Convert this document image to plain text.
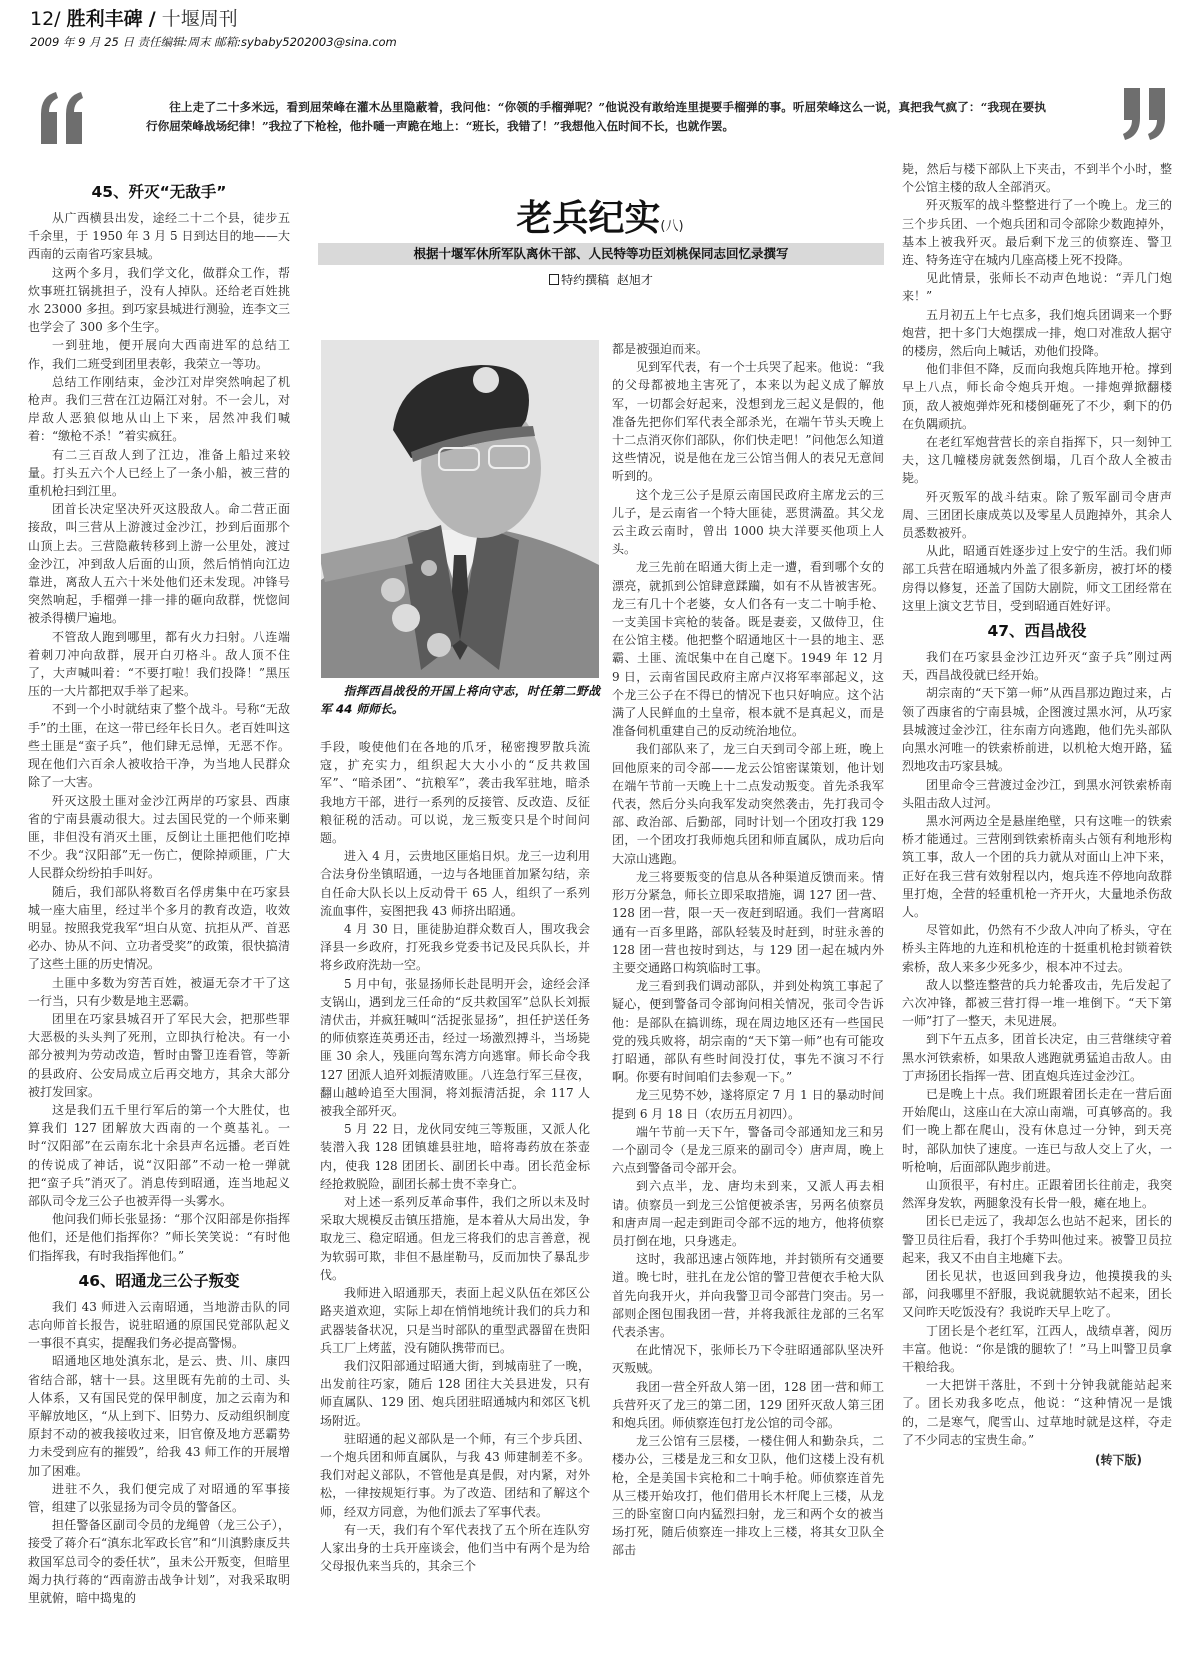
12/ 胜利丰碑 / 十堰周刊
2009 年 9 月 25 日 责任编辑:周末 邮箱:sybaby5202003@sina.com
往上走了二十多米远，看到屈荣峰在灌木丛里隐蔽着，我问他：“你领的手榴弹呢？”他说没有敢给连里提要手榴弹的事。听屈荣峰这么一说，真把我气疯了：“我现在要执行你屈荣峰战场纪律！”我拉了下枪栓，他扑嗵一声跪在地上：“班长，我错了！”我想他入伍时间不长，也就作罢。
老兵纪实(八)
根据十堰军休所军队离休干部、人民特等功臣刘桃保同志回忆录撰写
特约撰稿 赵旭才
指挥西昌战役的开国上将向守志，时任第二野战军 44 师师长。
45、歼灭“无敌手”

从广西横县出发，途经二十二个县，徒步五千余里，于 1950 年 3 月 5 日到达目的地——大西南的云南省巧家县城。

这两个多月，我们学文化，做群众工作，帮炊事班扛锅挑担子，没有人掉队。还给老百姓挑水 23000 多担。到巧家县城进行测验，连李文三也学会了 300 多个生字。

一到驻地，便开展向大西南进军的总结工作，我们二班受到团里表彰，我荣立一等功。

总结工作刚结束，金沙江对岸突然响起了机枪声。我们三营在江边隔江对射。不一会儿，对岸敌人恶狼似地从山上下来，居然冲我们喊着：“缴枪不杀！”着实疯狂。

有二三百敌人到了江边，准备上船过来较量。打头五六个人已经上了一条小船，被三营的重机枪扫到江里。

团首长决定坚决歼灭这股敌人。命二营正面接敌，叫三营从上游渡过金沙江，抄到后面那个山顶上去。三营隐蔽转移到上游一公里处，渡过金沙江，冲到敌人后面的山顶，然后悄悄向江边靠进，离敌人五六十米处他们还未发现。冲锋号突然响起，手榴弹一排一排的砸向敌群，恍惚间被杀得横尸遍地。

不管敌人跑到哪里，都有火力扫射。八连端着刺刀冲向敌群，展开白刃格斗。敌人顶不住了，大声喊叫着：“不要打啦！我们投降！”黑压压的一大片都把双手举了起来。

不到一个小时就结束了整个战斗。号称“无敌手”的土匪，在这一带已经年长日久。老百姓叫这些土匪是“蛮子兵”，他们肆无忌惮，无恶不作。现在他们六百余人被收拾干净，为当地人民群众除了一大害。

歼灭这股土匪对金沙江两岸的巧家县、西康省的宁南县震动很大。过去国民党的一个师来剿匪，非但没有消灭土匪，反倒让土匪把他们吃掉不少。我“汉阳部”无一伤亡，便除掉顽匪，广大人民群众纷纷拍手叫好。

随后，我们部队将数百名俘虏集中在巧家县城一座大庙里，经过半个多月的教育改造，收效明显。按照我党我军“坦白从宽、抗拒从严、首恶必办、协从不问、立功者受奖”的政策，很快搞清了这些土匪的历史情况。

土匪中多数为穷苦百姓，被逼无奈才干了这一行当，只有少数是地主恶霸。

团里在巧家县城召开了军民大会，把那些罪大恶极的头头判了死刑，立即执行枪决。有一小部分被判为劳动改造，暂时由警卫连看管，等新的县政府、公安局成立后再交地方，其余大部分被打发回家。

这是我们五千里行军后的第一个大胜仗，也算我们 127 团解放大西南的一个奠基礼。一时“汉阳部”在云南东北十余县声名远播。老百姓的传说成了神话，说“汉阳部”不动一枪一弹就把“蛮子兵”消灭了。消息传到昭通，连当地起义部队司令龙三公子也被弄得一头雾水。

他问我们师长张显扬：“那个汉阳部是你指挥他们，还是他们指挥你？”师长笑笑说：“有时他们指挥我，有时我指挥他们。”

46、昭通龙三公子叛变

我们 43 师进入云南昭通，当地游击队的同志向师首长报告，说驻昭通的原国民党部队起义一事很不真实，提醒我们务必提高警惕。

昭通地区地处滇东北，是云、贵、川、康四省结合部，辖十一县。这里既有先前的土司、头人体系，又有国民党的保甲制度，加之云南为和平解放地区，“从上到下、旧势力、反动组织制度原封不动的被我接收过来，旧官僚及地方恶霸势力未受到应有的摧毁”，给我 43 师工作的开展增加了困难。

进驻不久，我们便完成了对昭通的军事接管，组建了以张显扬为司令员的警备区。

担任警备区副司令员的龙绳曾（龙三公子），接受了蒋介石“滇东北军政长官”和“川滇黔康反共救国军总司令的委任状”，虽未公开叛变，但暗里竭力执行蒋的“西南游击战争计划”，对我采取明里就俯，暗中捣鬼的

手段，唆使他们在各地的爪牙，秘密搜罗散兵流寇，扩充实力，组织起大大小小的“反共救国军”、“暗杀团”、“抗粮军”，袭击我军驻地，暗杀我地方干部，进行一系列的反接管、反改造、反征粮征税的活动。可以说，龙三叛变只是个时间问题。

进入 4 月，云贵地区匪焰日炽。龙三一边利用合法身份坐镇昭通，一边与各地匪首加紧勾结，亲自任命大队长以上反动骨干 65 人，组织了一系列流血事件，妄图把我 43 师挤出昭通。

4 月 30 日，匪徒胁迫群众数百人，围攻我会泽县一乡政府，打死我乡党委书记及民兵队长，并将乡政府洗劫一空。

5 月中旬，张显扬师长赴昆明开会，途经会泽支锅山，遇到龙三任命的“反共救国军”总队长刘振清伏击，并疯狂喊叫“活捉张显扬”，担任护送任务的师侦察连英勇还击，经过一场激烈搏斗，当场毙匪 30 余人，残匪向驾东湾方向逃窜。师长命令我 127 团派人追歼刘振清败匪。八连急行军三昼夜，翻山越岭追至大围洞，将刘振清活捉，余 117 人被我全部歼灭。

5 月 22 日，龙伙同安纯三等叛匪，又派人化装潜入我 128 团镇雄县驻地，暗将毒药放在茶壶内，使我 128 团团长、副团长中毒。团长范金标经抢救脱险，副团长郝士贵不幸身亡。

对上述一系列反革命事件，我们之所以未及时采取大规模反击镇压措施，是本着从大局出发，争取龙三、稳定昭通。但龙三将我们的忠言善意，视为软弱可欺，非但不悬崖勒马，反而加快了暴乱步伐。

我师进入昭通那天，表面上起义队伍在郊区公路夹道欢迎，实际上却在悄悄地统计我们的兵力和武器装备状况，只是当时部队的重型武器留在贵阳兵工厂上烤蓝，没有随队携带而已。

我们汉阳部通过昭通大街，到城南驻了一晚，出发前往巧家，随后 128 团往大关县进发，只有师直属队、129 团、炮兵团驻昭通城内和郊区飞机场附近。

驻昭通的起义部队是一个师，有三个步兵团、一个炮兵团和师直属队，与我 43 师建制差不多。我们对起义部队，不管他是真是假，对内紧，对外松，一律按规矩行事。为了改造、团结和了解这个师，经双方同意，为他们派去了军事代表。

有一天，我们有个军代表找了五个所在连队穷人家出身的士兵开座谈会，他们当中有两个是为给父母报仇来当兵的，其余三个

都是被强迫而来。

见到军代表，有一个士兵哭了起来。他说：“我的父母都被地主害死了，本来以为起义成了解放军，一切都会好起来，没想到龙三起义是假的，他准备先把你们军代表全部杀光，在端午节头天晚上十二点消灭你们部队，你们快走吧！”问他怎么知道这些情况，说是他在龙三公馆当佣人的表兄无意间听到的。

这个龙三公子是原云南国民政府主席龙云的三儿子，是云南省一个特大匪徒，恶贯满盈。其父龙云主政云南时，曾出 1000 块大洋要买他项上人头。

龙三先前在昭通大街上走一遭，看到哪个女的漂亮，就抓到公馆肆意蹂躏，如有不从皆被害死。龙三有几十个老婆，女人们各有一支二十响手枪、一支美国卡宾枪的装备。既是妻妾，又做侍卫，住在公馆主楼。他把整个昭通地区十一县的地主、恶霸、土匪、流氓集中在自己麾下。1949 年 12 月 9 日，云南省国民政府主席卢汉将军率部起义，这个龙三公子在不得已的情况下也只好响应。这个沾满了人民鲜血的土皇帝，根本就不是真起义，而是准备伺机重建自己的反动统治地位。

我们部队来了，龙三白天到司令部上班，晚上回他原来的司令部——龙云公馆密谋策划，他计划在端午节前一天晚上十二点发动叛变。首先杀我军代表，然后分头向我军发动突然袭击，先打我司令部、政治部、后勤部，同时计划一个团攻打我 129 团，一个团攻打我师炮兵团和师直属队，成功后向大凉山逃跑。

龙三将要叛变的信息从各种渠道反馈而来。情形万分紧急，师长立即采取措施，调 127 团一营、128 团一营，限一天一夜赶到昭通。我们一营离昭通有一百多里路，部队轻装及时赶到，时驻永善的 128 团一营也按时到达，与 129 团一起在城内外主要交通路口构筑临时工事。

龙三看到我们调动部队，并到处构筑工事起了疑心，便到警备司令部询问相关情况，张司令告诉他：是部队在搞训练，现在周边地区还有一些国民党的残兵败将，胡宗南的“天下第一师”也有可能攻打昭通，部队有些时间没打仗，事先不演习不行啊。你要有时间咱们去参观一下。”

龙三见势不妙，遂将原定 7 月 1 日的暴动时间提到 6 月 18 日（农历五月初四）。

端午节前一天下午，警备司令部通知龙三和另一个副司令（是龙三原来的副司令）唐声周，晚上六点到警备司令部开会。

到六点半，龙、唐均未到来，又派人再去相请。侦察员一到龙三公馆便被杀害，另两名侦察员和唐声周一起走到距司令部不远的地方，他将侦察员打倒在地，只身逃走。

这时，我部迅速占领阵地，并封锁所有交通要道。晚七时，驻扎在龙公馆的警卫营便衣手枪大队首先向我开火，并向我警卫司令部营门突击。另一部则企图包围我团一营，并将我派往龙部的三名军代表杀害。

在此情况下，张师长乃下令驻昭通部队坚决歼灭叛贼。

我团一营全歼敌人第一团，128 团一营和师工兵营歼灭了龙三的第二团，129 团歼灭敌人第三团和炮兵团。师侦察连包打龙公馆的司令部。

龙三公馆有三层楼，一楼住佣人和勤杂兵，二楼办公，三楼是龙三和女卫队，他们这楼上没有机枪，全是美国卡宾枪和二十响手枪。师侦察连首先从三楼开始攻打，他们借用长木杆爬上三楼，从龙三的卧室窗口向内猛烈扫射，龙三和两个女的被当场打死，随后侦察连一排攻上三楼，将其女卫队全部击

毙，然后与楼下部队上下夹击，不到半个小时，整个公馆主楼的敌人全部消灭。

歼灭叛军的战斗整整进行了一个晚上。龙三的三个步兵团、一个炮兵团和司令部除少数跑掉外，基本上被我歼灭。最后剩下龙三的侦察连、警卫连、特务连守在城内几座高楼上死不投降。

见此情景，张师长不动声色地说：“弄几门炮来！”

五月初五上午七点多，我们炮兵团调来一个野炮营，把十多门大炮摆成一排，炮口对准敌人据守的楼房，然后向上喊话，劝他们投降。

他们非但不降，反而向我炮兵阵地开枪。撑到早上八点，师长命令炮兵开炮。一排炮弹掀翻楼顶，敌人被炮弹炸死和楼倒砸死了不少，剩下的仍在负隅顽抗。

在老红军炮营营长的亲自指挥下，只一刻钟工夫，这几幢楼房就轰然倒塌，几百个敌人全被击毙。

歼灭叛军的战斗结束。除了叛军副司令唐声周、三团团长康成英以及零星人员跑掉外，其余人员悉数被歼。

从此，昭通百姓逐步过上安宁的生活。我们师部工兵营在昭通城内外盖了很多新房，被打坏的楼房得以修复，还盖了国防大剧院，师文工团经常在这里上演文艺节目，受到昭通百姓好评。

47、西昌战役

我们在巧家县金沙江边歼灭“蛮子兵”刚过两天，西昌战役就已经开始。

胡宗南的“天下第一师”从西昌那边跑过来，占领了西康省的宁南县城，企图渡过黑水河，从巧家县城渡过金沙江，往东南方向逃跑，他们先头部队向黑水河唯一的铁索桥前进，以机枪大炮开路，猛烈地攻击巧家县城。

团里命令三营渡过金沙江，到黑水河铁索桥南头阻击敌人过河。

黑水河两边全是悬崖绝壁，只有这唯一的铁索桥才能通过。三营刚到铁索桥南头占领有利地形构筑工事，敌人一个团的兵力就从对面山上冲下来，正好在我三营有效射程以内，炮兵连不停地向敌群里打炮，全营的轻重机枪一齐开火，大量地杀伤敌人。

尽管如此，仍然有不少敌人冲向了桥头，守在桥头主阵地的九连和机枪连的十挺重机枪封锁着铁索桥，敌人来多少死多少，根本冲不过去。

敌人以整连整营的兵力轮番攻击，先后发起了六次冲锋，都被三营打得一堆一堆倒下。“天下第一师”打了一整天，未见进展。

到下午五点多，团首长决定，由三营继续守着黑水河铁索桥，如果敌人逃跑就勇猛追击敌人。由丁声扬团长指挥一营、团直炮兵连过金沙江。

已是晚上十点。我们班跟着团长走在一营后面开始爬山，这座山在大凉山南端，可真够高的。我们一晚上都在爬山，没有休息过一分钟，到天亮时，部队加快了速度。一连已与敌人交上了火，一听枪响，后面部队跑步前进。

山顶很平，有村庄。正跟着团长往前走，我突然浑身发软，两腿象没有长骨一般，瘫在地上。

团长已走远了，我却怎么也站不起来，团长的警卫员往后看，我打个手势叫他过来。被警卫员拉起来，我又不由自主地瘫下去。

团长见状，也返回到我身边，他摸摸我的头部，问我哪里不舒服，我说就腿软站不起来，团长又问昨天吃饭没有？我说昨天早上吃了。

丁团长是个老红军，江西人，战绩卓著，阅历丰富。他说：“你是饿的腿软了！”马上叫警卫员拿干粮给我。

一大把饼干落肚，不到十分钟我就能站起来了。团长劝我多吃点，他说：“这种情况一是饿的，二是寒气，爬雪山、过草地时就是这样，夺走了不少同志的宝贵生命。”

(转下版)
